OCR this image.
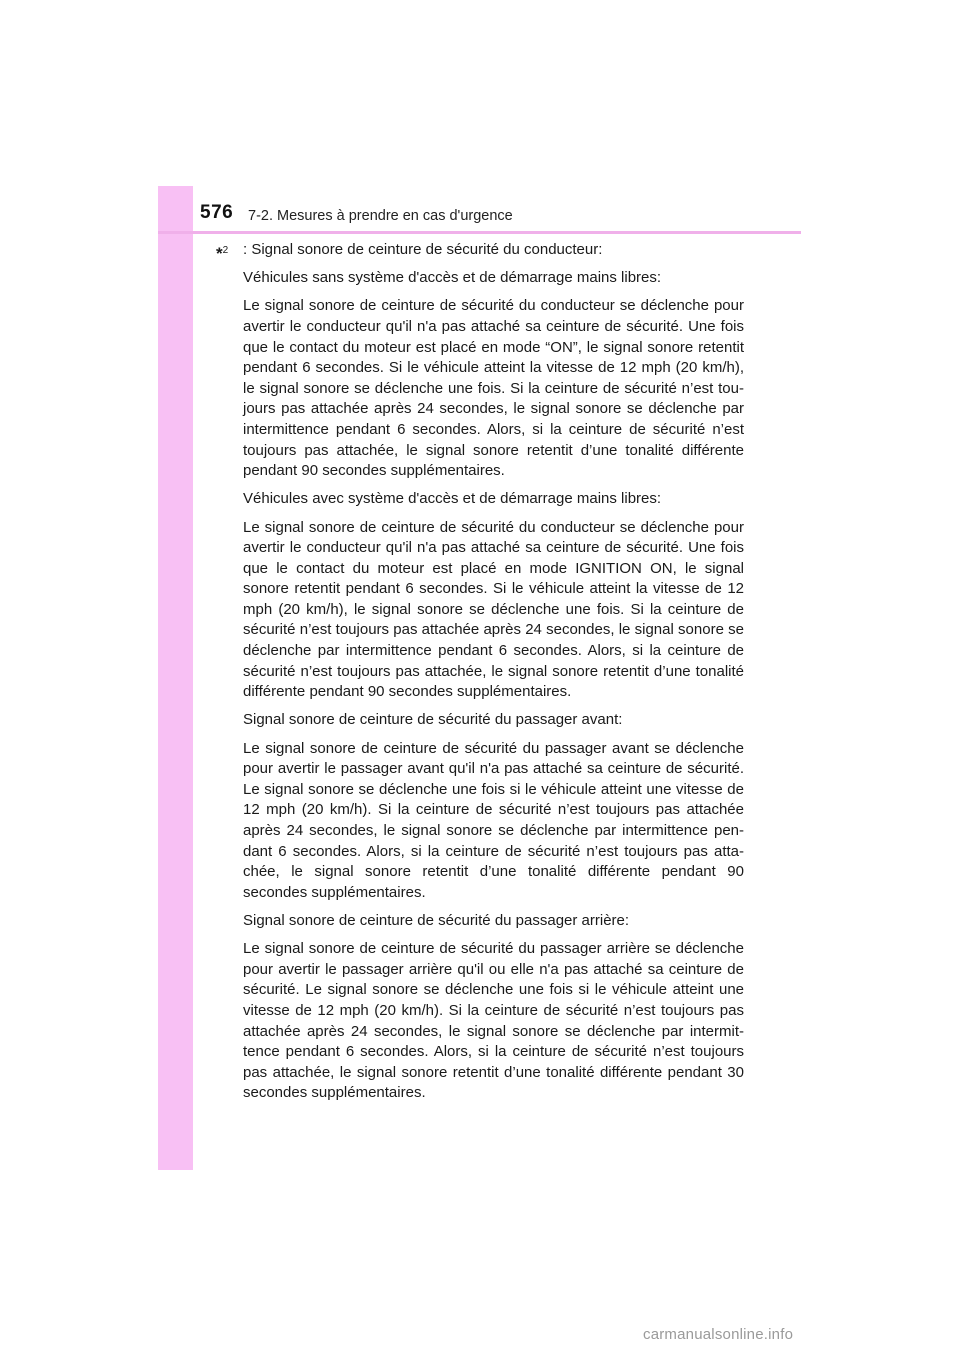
576 7-2. Mesures à prendre en cas d'urgence
*$^2$ : Signal sonore de ceinture de sécurité du conducteur:

Véhicules sans système d'accès et de démarrage mains libres:

Le signal sonore de ceinture de sécurité du conducteur se déclenche pour avertir le conducteur qu'il n'a pas attaché sa ceinture de sécurité. Une fois que le contact du moteur est placé en mode “ON”, le signal sonore retentit pendant 6 secondes. Si le véhicule atteint la vitesse de 12 mph (20 km/h), le signal sonore se déclenche une fois. Si la ceinture de sécurité n’est tou-jours pas attachée après 24 secondes, le signal sonore se déclenche par intermittence pendant 6 secondes. Alors, si la ceinture de sécurité n’est toujours pas attachée, le signal sonore retentit d’une tonalité différente pendant 90 secondes supplémentaires.

Véhicules avec système d'accès et de démarrage mains libres:

Le signal sonore de ceinture de sécurité du conducteur se déclenche pour avertir le conducteur qu'il n'a pas attaché sa ceinture de sécurité. Une fois que le contact du moteur est placé en mode IGNITION ON, le signal sonore retentit pendant 6 secondes. Si le véhicule atteint la vitesse de 12 mph (20 km/h), le signal sonore se déclenche une fois. Si la ceinture de sécurité n’est toujours pas attachée après 24 secondes, le signal sonore se déclenche par intermittence pendant 6 secondes. Alors, si la ceinture de sécurité n’est toujours pas attachée, le signal sonore retentit d’une tonalité différente pendant 90 secondes supplémentaires.

Signal sonore de ceinture de sécurité du passager avant:

Le signal sonore de ceinture de sécurité du passager avant se déclenche pour avertir le passager avant qu'il n'a pas attaché sa ceinture de sécurité. Le signal sonore se déclenche une fois si le véhicule atteint une vitesse de 12 mph (20 km/h). Si la ceinture de sécurité n’est toujours pas attachée après 24 secondes, le signal sonore se déclenche par intermittence pen-dant 6 secondes. Alors, si la ceinture de sécurité n’est toujours pas atta-chée, le signal sonore retentit d’une tonalité différente pendant 90 secondes supplémentaires.

Signal sonore de ceinture de sécurité du passager arrière:

Le signal sonore de ceinture de sécurité du passager arrière se déclenche pour avertir le passager arrière qu'il ou elle n'a pas attaché sa ceinture de sécurité. Le signal sonore se déclenche une fois si le véhicule atteint une vitesse de 12 mph (20 km/h). Si la ceinture de sécurité n’est toujours pas attachée après 24 secondes, le signal sonore se déclenche par intermit-tence pendant 6 secondes. Alors, si la ceinture de sécurité n’est toujours pas attachée, le signal sonore retentit d’une tonalité différente pendant 30 secondes supplémentaires.

carmanualsonline.info
